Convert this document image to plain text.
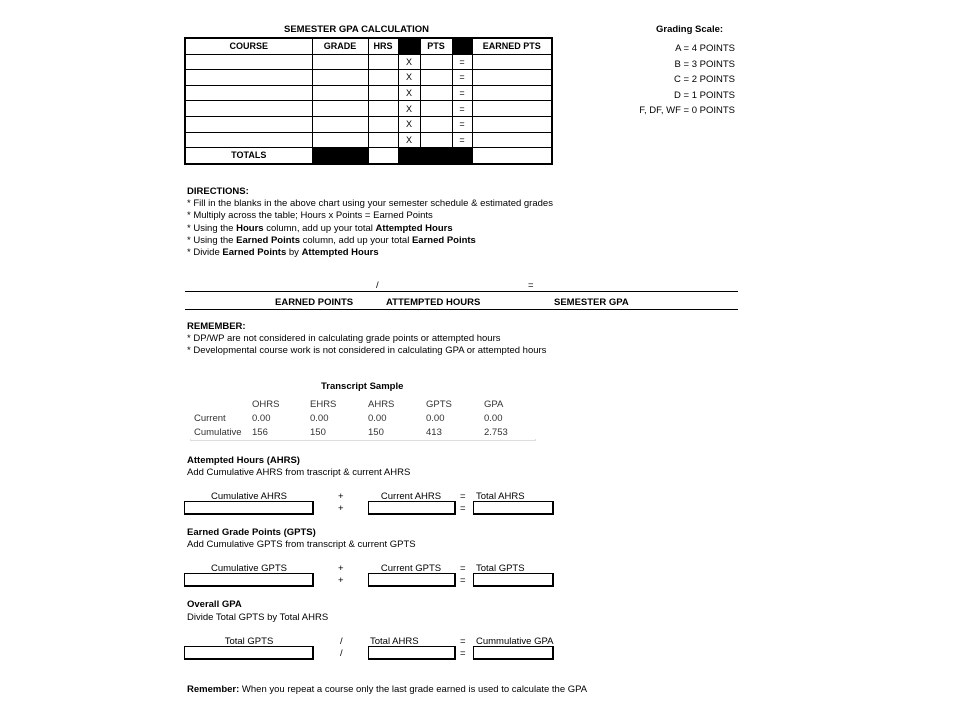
SEMESTER GPA CALCULATION
COURSE	GRADE	HRS		PTS		EARNED PTS
			X		=	
			X		=	
			X		=	
			X		=	
			X		=	
			X		=	
TOTALS						
Grading Scale:
A = 4 POINTS
B = 3 POINTS
C = 2 POINTS
D = 1 POINTS
F, DF, WF = 0 POINTS
DIRECTIONS:
* Fill in the blanks in the above chart using your semester schedule & estimated grades
* Multiply across the table; Hours x Points = Earned Points
* Using the Hours column, add up your total Attempted Hours
* Using the Earned Points column, add up your total Earned Points
* Divide Earned Points by Attempted Hours
/	=
EARNED POINTS	ATTEMPTED HOURS	SEMESTER GPA
REMEMBER:
* DP/WP are not considered in calculating grade points or attempted hours
* Developmental course work is not considered in calculating GPA or attempted hours
Transcript Sample
	OHRS	EHRS	AHRS	GPTS	GPA
Current	0.00	0.00	0.00	0.00	0.00
Cumulative	156	150	150	413	2.753
Attempted Hours (AHRS)
Add Cumulative AHRS from trascript & current AHRS
Cumulative AHRS	+	Current AHRS	= Total AHRS
+	=
Earned Grade Points (GPTS)
Add Cumulative GPTS from transcript & current GPTS
Cumulative GPTS	+	Current GPTS	= Total GPTS
+	=
Overall GPA
Divide Total GPTS by Total AHRS
Total GPTS	/	Total AHRS	= Cummulative GPA
/	=
Remember: When you repeat a course only the last grade earned is used to calculate the GPA
